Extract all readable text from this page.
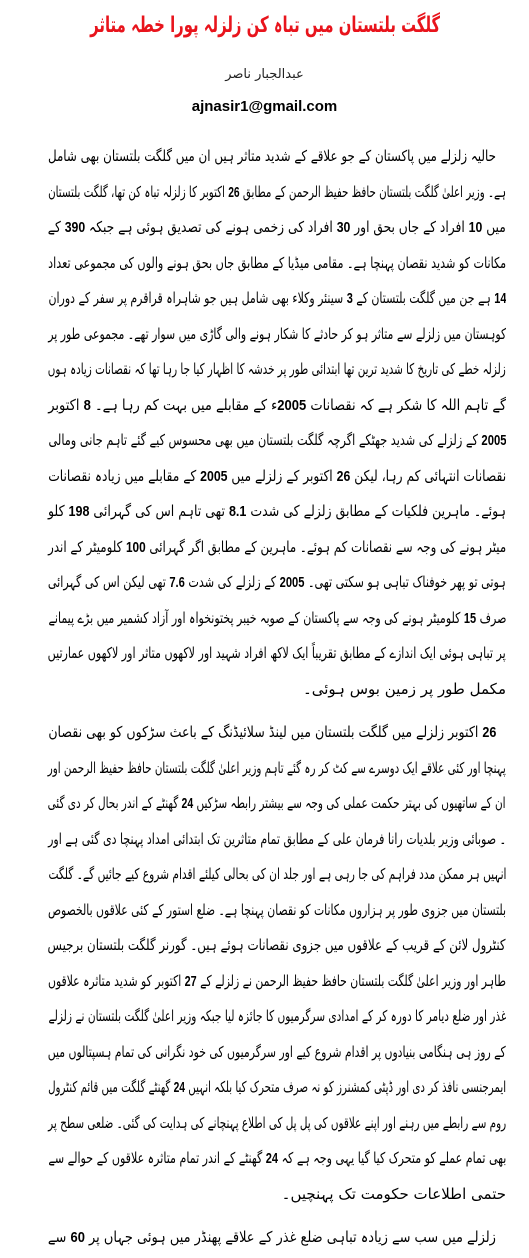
گلگت بلتستان میں تباہ کن زلزلہ پورا خطہ متاثر
عبدالجبار ناصر
ajnasir1@gmail.com
حالیہ زلزلے میں پاکستان کے جو علاقے کے شدید متاثر ہیں ان میں گلگت بلتستان بھی شامل
ہے۔ وزیر اعلیٰ گلگت بلتستان حافظ حفیظ الرحمن کے مطابق 26 اکتوبر کا زلزلہ تباہ کن تھا، گلگت بلتستان
میں 10 افراد کے جاں بحق اور 30 افراد کی زخمی ہونے کی تصدیق ہوئی ہے جبکہ 390 کے
مکانات کو شدید نقصان پہنچا ہے۔ مقامی میڈیا کے مطابق جاں بحق ہونے والوں کی مجموعی تعداد
14 ہے جن میں گلگت بلتستان کے 3 سینئر وکلاء بھی شامل ہیں جو شاہراہ قراقرم پر سفر کے دوران
کوہستان میں زلزلے سے متاثر ہو کر حادثے کا شکار ہونے والی گاڑی میں سوار تھے۔ مجموعی طور پر
زلزلہ خطے کی تاریخ کا شدید ترین تھا ابتدائی طور پر خدشہ کا اظہار کیا جا رہا تھا کہ نقصانات زیادہ ہوں
گے تاہم اللہ کا شکر ہے کہ نقصانات 2005ء کے مقابلے میں بہت کم رہا ہے۔ 8 اکتوبر
2005 کے زلزلے کی شدید جھٹکے اگرچہ گلگت بلتستان میں بھی محسوس کیے گئے تاہم جانی ومالی
نقصانات انتہائی کم رہا، لیکن 26 اکتوبر کے زلزلے میں 2005 کے مقابلے میں زیادہ نقصانات
ہوئے۔ ماہرین فلکیات کے مطابق زلزلے کی شدت 8.1 تھی تاہم اس کی گہرائی 198 کلو
میٹر ہونے کی وجہ سے نقصانات کم ہوئے۔ ماہرین کے مطابق اگر گہرائی 100 کلومیٹر کے اندر
ہوتی تو پھر خوفناک تباہی ہو سکتی تھی۔ 2005 کے زلزلے کی شدت 7.6 تھی لیکن اس کی گہرائی
صرف 15 کلومیٹر ہونے کی وجہ سے پاکستان کے صوبہ خیبر پختونخواہ اور آزاد کشمیر میں بڑے پیمانے
پر تباہی ہوئی ایک اندازے کے مطابق تقریباً ایک لاکھ افراد شہید اور لاکھوں متاثر اور لاکھوں عمارتیں
مکمل طور پر زمین بوس ہوئی۔
26 اکتوبر زلزلے میں گلگت بلتستان میں لینڈ سلائیڈنگ کے باعث سڑکوں کو بھی نقصان
پہنچا اور کئی علاقے ایک دوسرے سے کٹ کر رہ گئے تاہم وزیر اعلیٰ گلگت بلتستان حافظ حفیظ الرحمن اور
ان کے ساتھیوں کی بہتر حکمت عملی کی وجہ سے بیشتر رابطہ سڑکیں 24 گھنٹے کے اندر بحال کر دی گئی
۔ صوبائی وزیر بلدیات رانا فرمان علی کے مطابق تمام متاثرین تک ابتدائی امداد پہنچا دی گئی ہے اور
انہیں ہر ممکن مدد فراہم کی جا رہی ہے اور جلد ان کی بحالی کیلئے اقدام شروع کیے جائیں گے۔ گلگت
بلتستان میں جزوی طور پر ہزاروں مکانات کو نقصان پہنچا ہے۔ ضلع استور کے کئی علاقوں بالخصوص
کنٹرول لائن کے قریب کے علاقوں میں جزوی نقصانات ہوئے ہیں۔ گورنر گلگت بلتستان برجیس
طاہر اور وزیر اعلیٰ گلگت بلتستان حافظ حفیظ الرحمن نے زلزلے کے 27 اکتوبر کو شدید متاثرہ علاقوں
غذر اور ضلع دیامر کا دورہ کر کے امدادی سرگرمیوں کا جائزہ لیا جبکہ وزیر اعلیٰ گلگت بلتستان نے زلزلے
کے روز ہی ہنگامی بنیادوں پر اقدام شروع کیے اور سرگرمیوں کی خود نگرانی کی تمام ہسپتالوں میں
ایمرجنسی نافذ کر دی اور ڈپٹی کمشنرز کو نہ صرف متحرک کیا بلکہ انہیں 24 گھنٹے گلگت میں قائم کنٹرول
روم سے رابطے میں رہنے اور اپنے علاقوں کی پل پل کی اطلاع پہنچانے کی ہدایت کی گئی۔ ضلعی سطح پر
بھی تمام عملے کو متحرک کیا گیا یہی وجہ ہے کہ 24 گھنٹے کے اندر تمام متاثرہ علاقوں کے حوالے سے
حتمی اطلاعات حکومت تک پہنچیں۔
زلزلے میں سب سے زیادہ تباہی ضلع غذر کے علاقے پھنڈر میں ہوئی جہاں پر 60 سے
